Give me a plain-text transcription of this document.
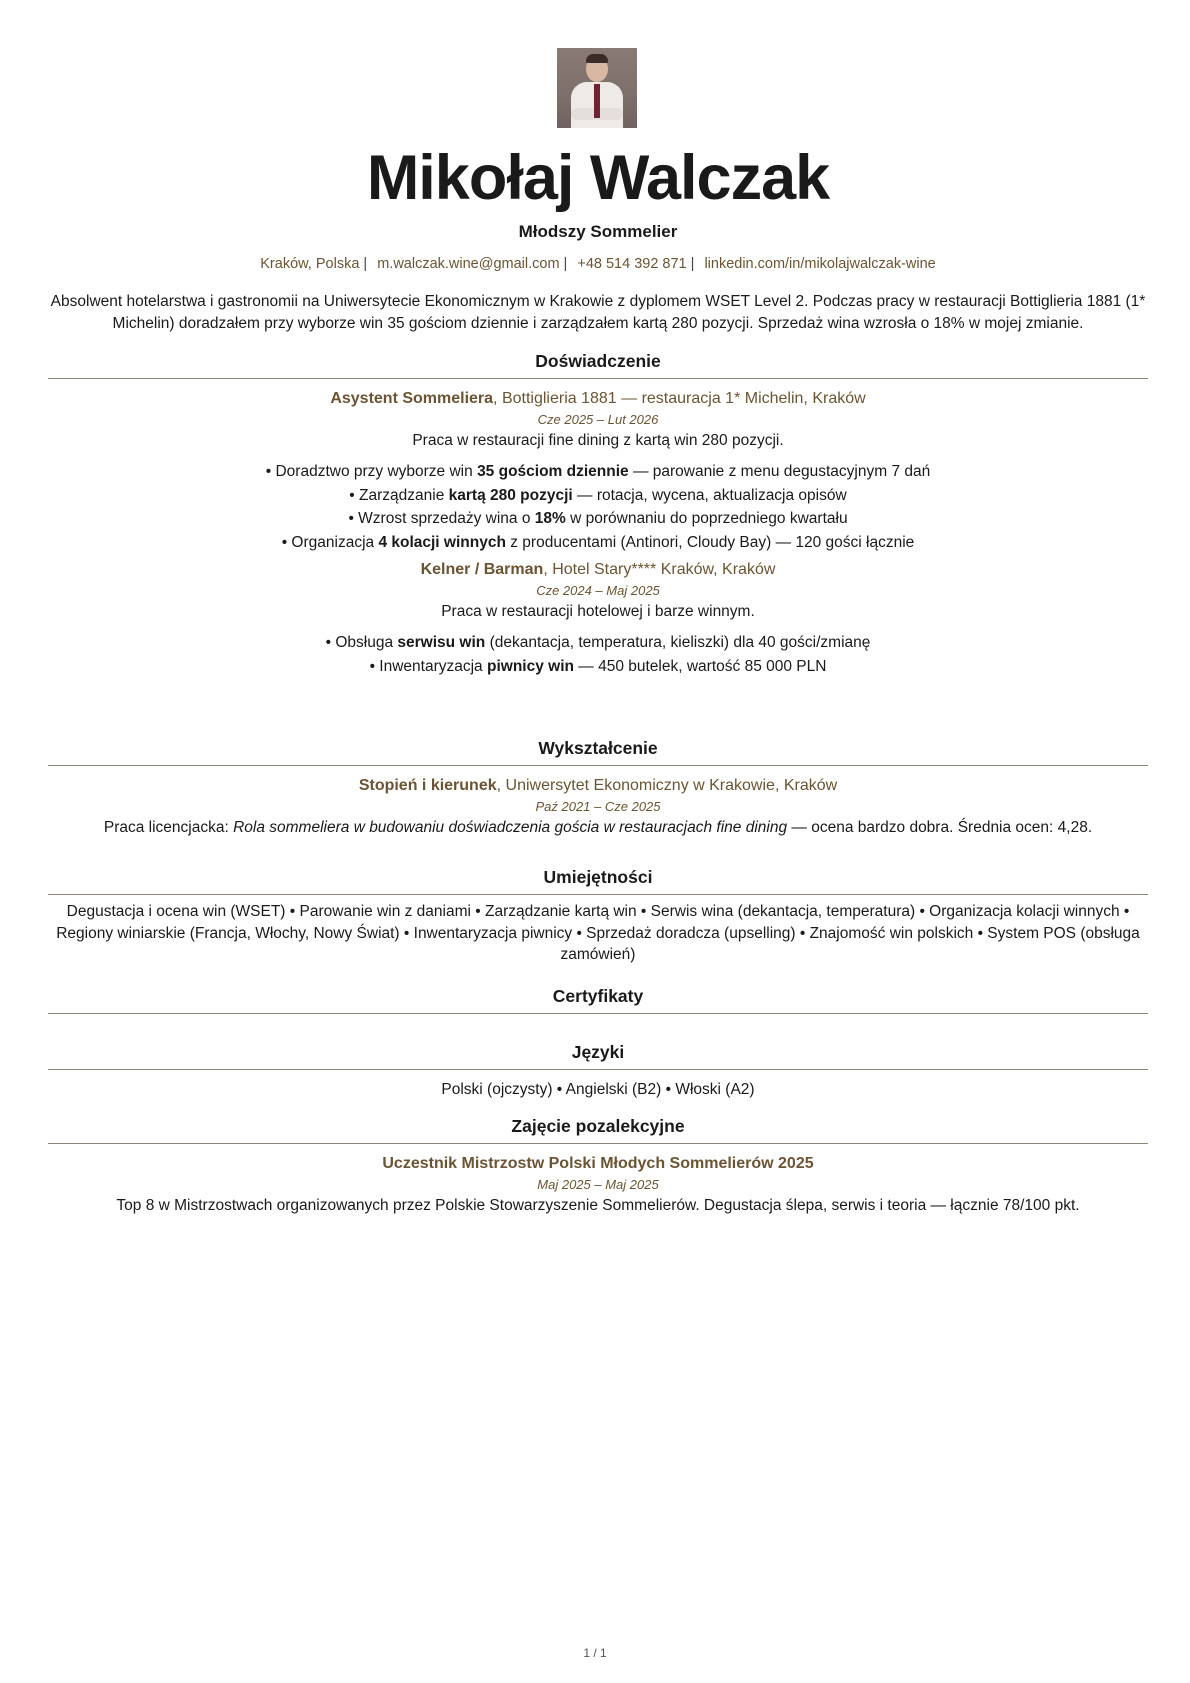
Mikołaj Walczak
Młodszy Sommelier
Kraków, Polska | m.walczak.wine@gmail.com | +48 514 392 871 | linkedin.com/in/mikolajwalczak-wine
Absolwent hotelarstwa i gastronomii na Uniwersytecie Ekonomicznym w Krakowie z dyplomem WSET Level 2. Podczas pracy w restauracji Bottiglieria 1881 (1* Michelin) doradzałem przy wyborze win 35 gościom dziennie i zarządzałem kartą 280 pozycji. Sprzedaż wina wzrosła o 18% w mojej zmianie.
Doświadczenie
Asystent Sommeliera, Bottiglieria 1881 — restauracja 1* Michelin, Kraków
Cze 2025 – Lut 2026
Praca w restauracji fine dining z kartą win 280 pozycji.
• Doradztwo przy wyborze win 35 gościom dziennie — parowanie z menu degustacyjnym 7 dań
• Zarządzanie kartą 280 pozycji — rotacja, wycena, aktualizacja opisów
• Wzrost sprzedaży wina o 18% w porównaniu do poprzedniego kwartału
• Organizacja 4 kolacji winnych z producentami (Antinori, Cloudy Bay) — 120 gości łącznie
Kelner / Barman, Hotel Stary**** Kraków, Kraków
Cze 2024 – Maj 2025
Praca w restauracji hotelowej i barze winnym.
• Obsługa serwisu win (dekantacja, temperatura, kieliszki) dla 40 gości/zmianę
• Inwentaryzacja piwnicy win — 450 butelek, wartość 85 000 PLN
Wykształcenie
Stopień i kierunek, Uniwersytet Ekonomiczny w Krakowie, Kraków
Paź 2021 – Cze 2025
Praca licencjacka: Rola sommeliera w budowaniu doświadczenia gościa w restauracjach fine dining — ocena bardzo dobra. Średnia ocen: 4,28.
Umiejętności
Degustacja i ocena win (WSET) • Parowanie win z daniami • Zarządzanie kartą win • Serwis wina (dekantacja, temperatura) • Organizacja kolacji winnych • Regiony winiarskie (Francja, Włochy, Nowy Świat) • Inwentaryzacja piwnicy • Sprzedaż doradcza (upselling) • Znajomość win polskich • System POS (obsługa zamówień)
Certyfikaty
Języki
Polski (ojczysty) • Angielski (B2) • Włoski (A2)
Zajęcie pozalekcyjne
Uczestnik Mistrzostw Polski Młodych Sommelierów 2025
Maj 2025 – Maj 2025
Top 8 w Mistrzostwach organizowanych przez Polskie Stowarzyszenie Sommelierów. Degustacja ślepa, serwis i teoria — łącznie 78/100 pkt.
1 / 1
